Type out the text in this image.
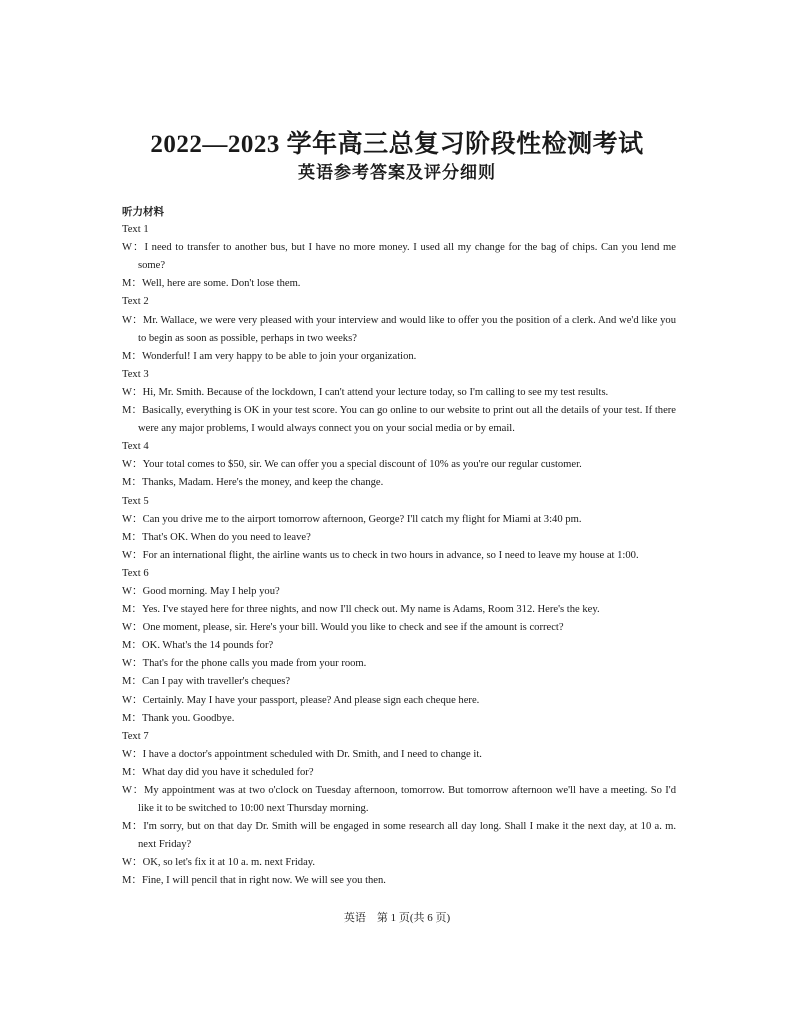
2022—2023 学年高三总复习阶段性检测考试
英语参考答案及评分细则
听力材料
Text 1
W：I need to transfer to another bus, but I have no more money. I used all my change for the bag of chips. Can you lend me some?
M：Well, here are some. Don't lose them.
Text 2
W：Mr. Wallace, we were very pleased with your interview and would like to offer you the position of a clerk. And we'd like you to begin as soon as possible, perhaps in two weeks?
M：Wonderful! I am very happy to be able to join your organization.
Text 3
W：Hi, Mr. Smith. Because of the lockdown, I can't attend your lecture today, so I'm calling to see my test results.
M：Basically, everything is OK in your test score. You can go online to our website to print out all the details of your test. If there were any major problems, I would always connect you on your social media or by email.
Text 4
W：Your total comes to $50, sir. We can offer you a special discount of 10% as you're our regular customer.
M：Thanks, Madam. Here's the money, and keep the change.
Text 5
W：Can you drive me to the airport tomorrow afternoon, George? I'll catch my flight for Miami at 3:40 pm.
M：That's OK. When do you need to leave?
W：For an international flight, the airline wants us to check in two hours in advance, so I need to leave my house at 1:00.
Text 6
W：Good morning. May I help you?
M：Yes. I've stayed here for three nights, and now I'll check out. My name is Adams, Room 312. Here's the key.
W：One moment, please, sir. Here's your bill. Would you like to check and see if the amount is correct?
M：OK. What's the 14 pounds for?
W：That's for the phone calls you made from your room.
M：Can I pay with traveller's cheques?
W：Certainly. May I have your passport, please? And please sign each cheque here.
M：Thank you. Goodbye.
Text 7
W：I have a doctor's appointment scheduled with Dr. Smith, and I need to change it.
M：What day did you have it scheduled for?
W：My appointment was at two o'clock on Tuesday afternoon, tomorrow. But tomorrow afternoon we'll have a meeting. So I'd like it to be switched to 10:00 next Thursday morning.
M：I'm sorry, but on that day Dr. Smith will be engaged in some research all day long. Shall I make it the next day, at 10 a. m. next Friday?
W：OK, so let's fix it at 10 a. m. next Friday.
M：Fine, I will pencil that in right now. We will see you then.
英语　第 1 页(共 6 页)
